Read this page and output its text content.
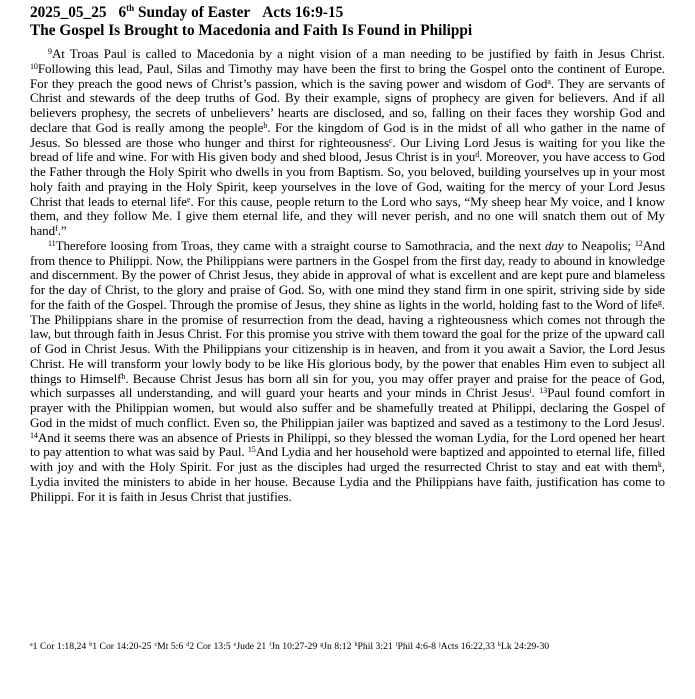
2025_05_25 6th Sunday of Easter Acts 16:9-15
The Gospel Is Brought to Macedonia and Faith Is Found in Philippi

$^9$At Troas Paul is called to Macedonia by a night vision of a man needing to be justified by faith in Jesus Christ. $^{10}$Following this lead, Paul, Silas and Timothy may have been the first to bring the Gospel onto the continent of Europe. For they preach the good news of Christ’s passion, which is the saving power and wisdom of God$^a$. They are servants of Christ and stewards of the deep truths of God. By their example, signs of prophecy are given for believers. And if all believers prophesy, the secrets of unbelievers’ hearts are disclosed, and so, falling on their faces they worship God and declare that God is really among the people$^b$. For the kingdom of God is in the midst of all who gather in the name of Jesus. So blessed are those who hunger and thirst for righteousness$^c$. Our Living Lord Jesus is waiting for you like the bread of life and wine. For with His given body and shed blood, Jesus Christ is in you$^d$. Moreover, you have access to God the Father through the Holy Spirit who dwells in you from Baptism. So, you beloved, building yourselves up in your most holy faith and praying in the Holy Spirit, keep yourselves in the love of God, waiting for the mercy of your Lord Jesus Christ that leads to eternal life$^e$. For this cause, people return to the Lord who says, “My sheep hear My voice, and I know them, and they follow Me. I give them eternal life, and they will never perish, and no one will snatch them out of My hand$^f$.”

$^{11}$Therefore loosing from Troas, they came with a straight course to Samothracia, and the next day to Neapolis; $^{12}$And from thence to Philippi. Now, the Philippians were partners in the Gospel from the first day, ready to abound in knowledge and discernment. By the power of Christ Jesus, they abide in approval of what is excellent and are kept pure and blameless for the day of Christ, to the glory and praise of God. So, with one mind they stand firm in one spirit, striving side by side for the faith of the Gospel. Through the promise of Jesus, they shine as lights in the world, holding fast to the Word of life$^g$. The Philippians share in the promise of resurrection from the dead, having a righteousness which comes not through the law, but through faith in Jesus Christ. For this promise you strive with them toward the goal for the prize of the upward call of God in Christ Jesus. With the Philippians your citizenship is in heaven, and from it you await a Savior, the Lord Jesus Christ. He will transform your lowly body to be like His glorious body, by the power that enables Him even to subject all things to Himself$^h$. Because Christ Jesus has born all sin for you, you may offer prayer and praise for the peace of God, which surpasses all understanding, and will guard your hearts and your minds in Christ Jesus$^i$. $^{13}$Paul found comfort in prayer with the Philippian women, but would also suffer and be shamefully treated at Philippi, declaring the Gospel of God in the midst of much conflict. Even so, the Philippian jailer was baptized and saved as a testimony to the Lord Jesus$^j$. $^{14}$And it seems there was an absence of Priests in Philippi, so they blessed the woman Lydia, for the Lord opened her heart to pay attention to what was said by Paul. $^{15}$And Lydia and her household were baptized and appointed to eternal life, filled with joy and with the Holy Spirit. For just as the disciples had urged the resurrected Christ to stay and eat with them$^k$, Lydia invited the ministers to abide in her house. Because Lydia and the Philippians have faith, justification has come to Philippi. For it is faith in Jesus Christ that justifies.

$^a$1 Cor 1:18,24 $^b$1 Cor 14:20-25 $^c$Mt 5:6 $^d$2 Cor 13:5 $^e$Jude 21 $^f$Jn 10:27-29 $^g$Jn 8:12 $^h$Phil 3:21 $^i$Phil 4:6-8 $^j$Acts 16:22,33 $^k$Lk 24:29-30
